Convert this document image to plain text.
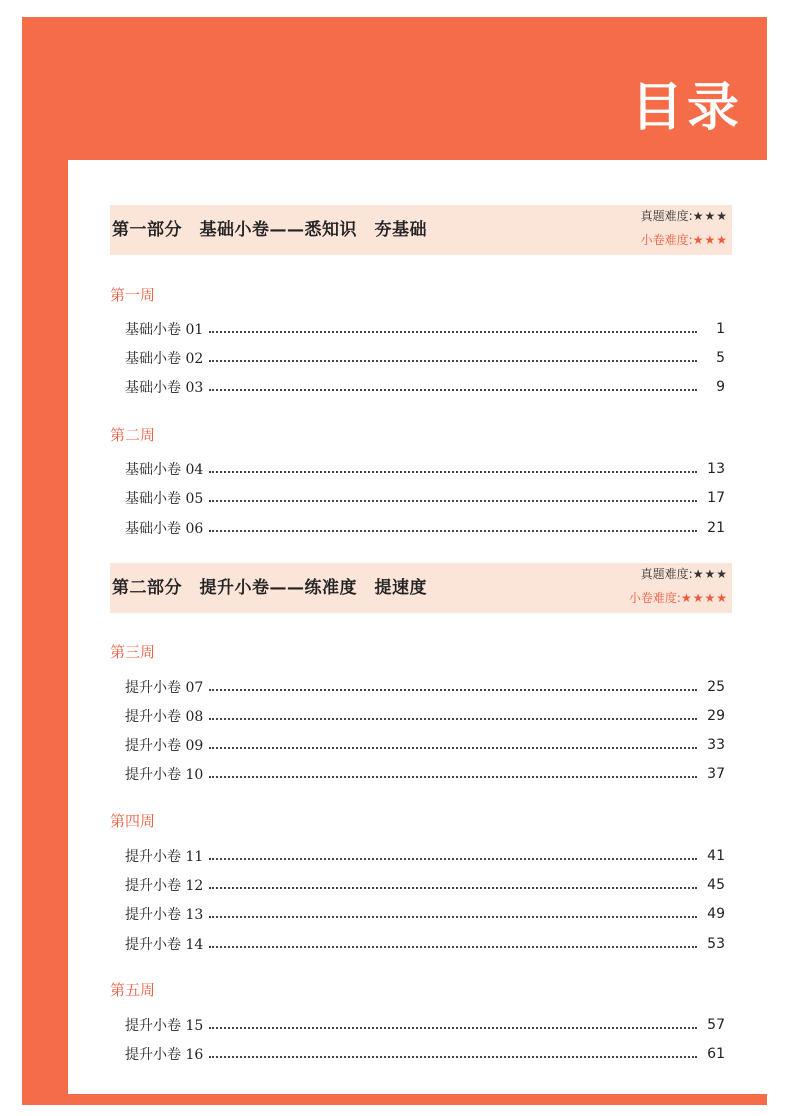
目录
第一部分　基础小卷——悉知识　夯基础
真题难度:★★★
小卷难度:★★★
第一周
基础小卷 01	1
基础小卷 02	5
基础小卷 03	9
第二周
基础小卷 04	13
基础小卷 05	17
基础小卷 06	21
第二部分　提升小卷——练准度　提速度
真题难度:★★★
小卷难度:★★★★
第三周
提升小卷 07	25
提升小卷 08	29
提升小卷 09	33
提升小卷 10	37
第四周
提升小卷 11	41
提升小卷 12	45
提升小卷 13	49
提升小卷 14	53
第五周
提升小卷 15	57
提升小卷 16	61
